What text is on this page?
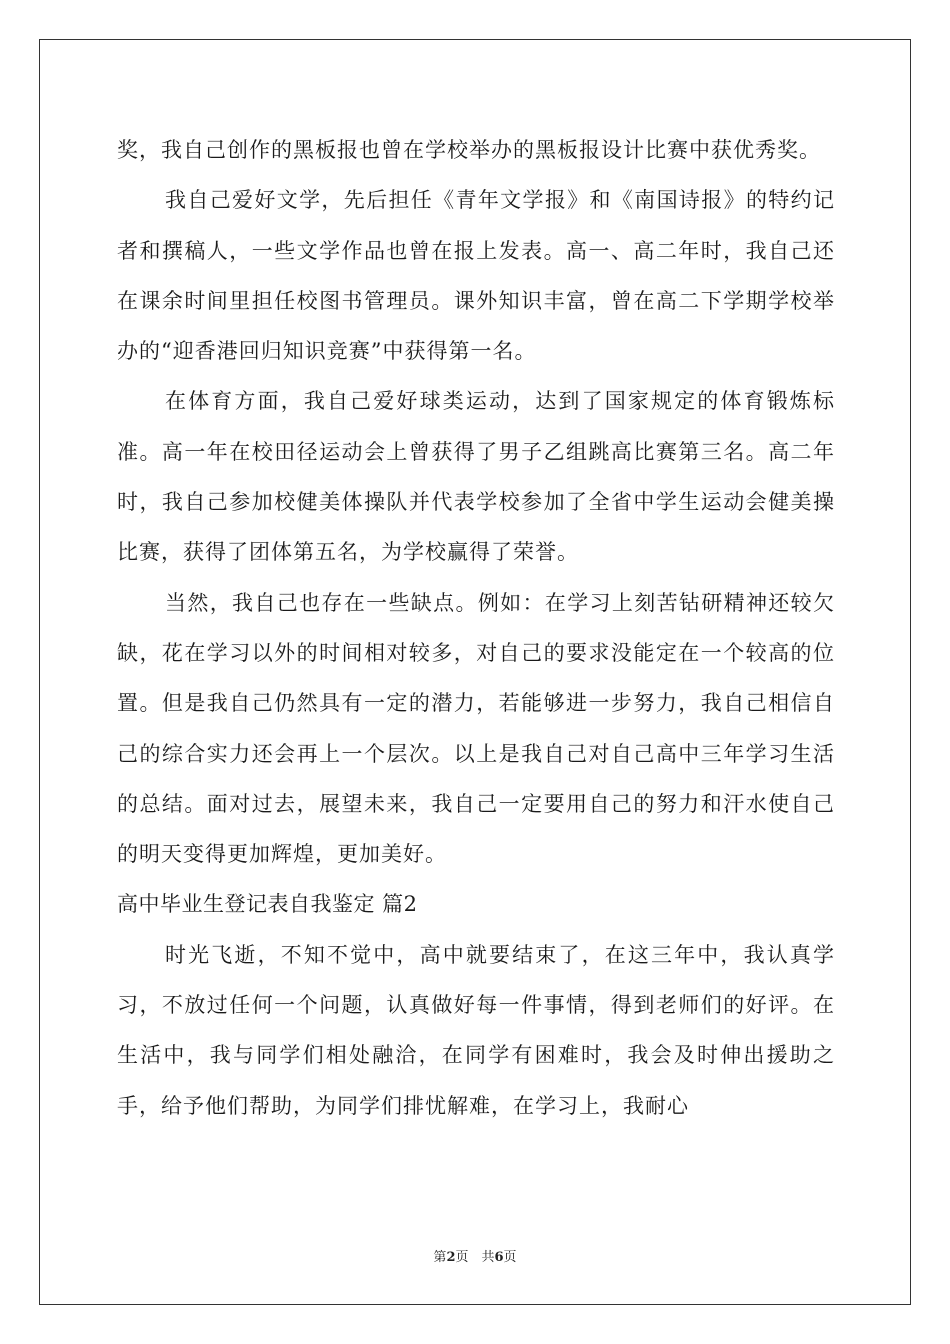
奖，我自己创作的黑板报也曾在学校举办的黑板报设计比赛中获优秀奖。

我自己爱好文学，先后担任《青年文学报》和《南国诗报》的特约记者和撰稿人，一些文学作品也曾在报上发表。高一、高二年时，我自己还在课余时间里担任校图书管理员。课外知识丰富，曾在高二下学期学校举办的“迎香港回归知识竞赛”中获得第一名。

在体育方面，我自己爱好球类运动，达到了国家规定的体育锻炼标准。高一年在校田径运动会上曾获得了男子乙组跳高比赛第三名。高二年时，我自己参加校健美体操队并代表学校参加了全省中学生运动会健美操比赛，获得了团体第五名，为学校赢得了荣誉。

当然，我自己也存在一些缺点。例如：在学习上刻苦钻研精神还较欠缺，花在学习以外的时间相对较多，对自己的要求没能定在一个较高的位置。但是我自己仍然具有一定的潜力，若能够进一步努力，我自己相信自己的综合实力还会再上一个层次。以上是我自己对自己高中三年学习生活的总结。面对过去，展望未来，我自己一定要用自己的努力和汗水使自己的明天变得更加辉煌，更加美好。

高中毕业生登记表自我鉴定 篇2

时光飞逝，不知不觉中，高中就要结束了，在这三年中，我认真学习，不放过任何一个问题，认真做好每一件事情，得到老师们的好评。在生活中，我与同学们相处融洽，在同学有困难时，我会及时伸出援助之手，给予他们帮助，为同学们排忧解难，在学习上，我耐心

第2页　共6页
